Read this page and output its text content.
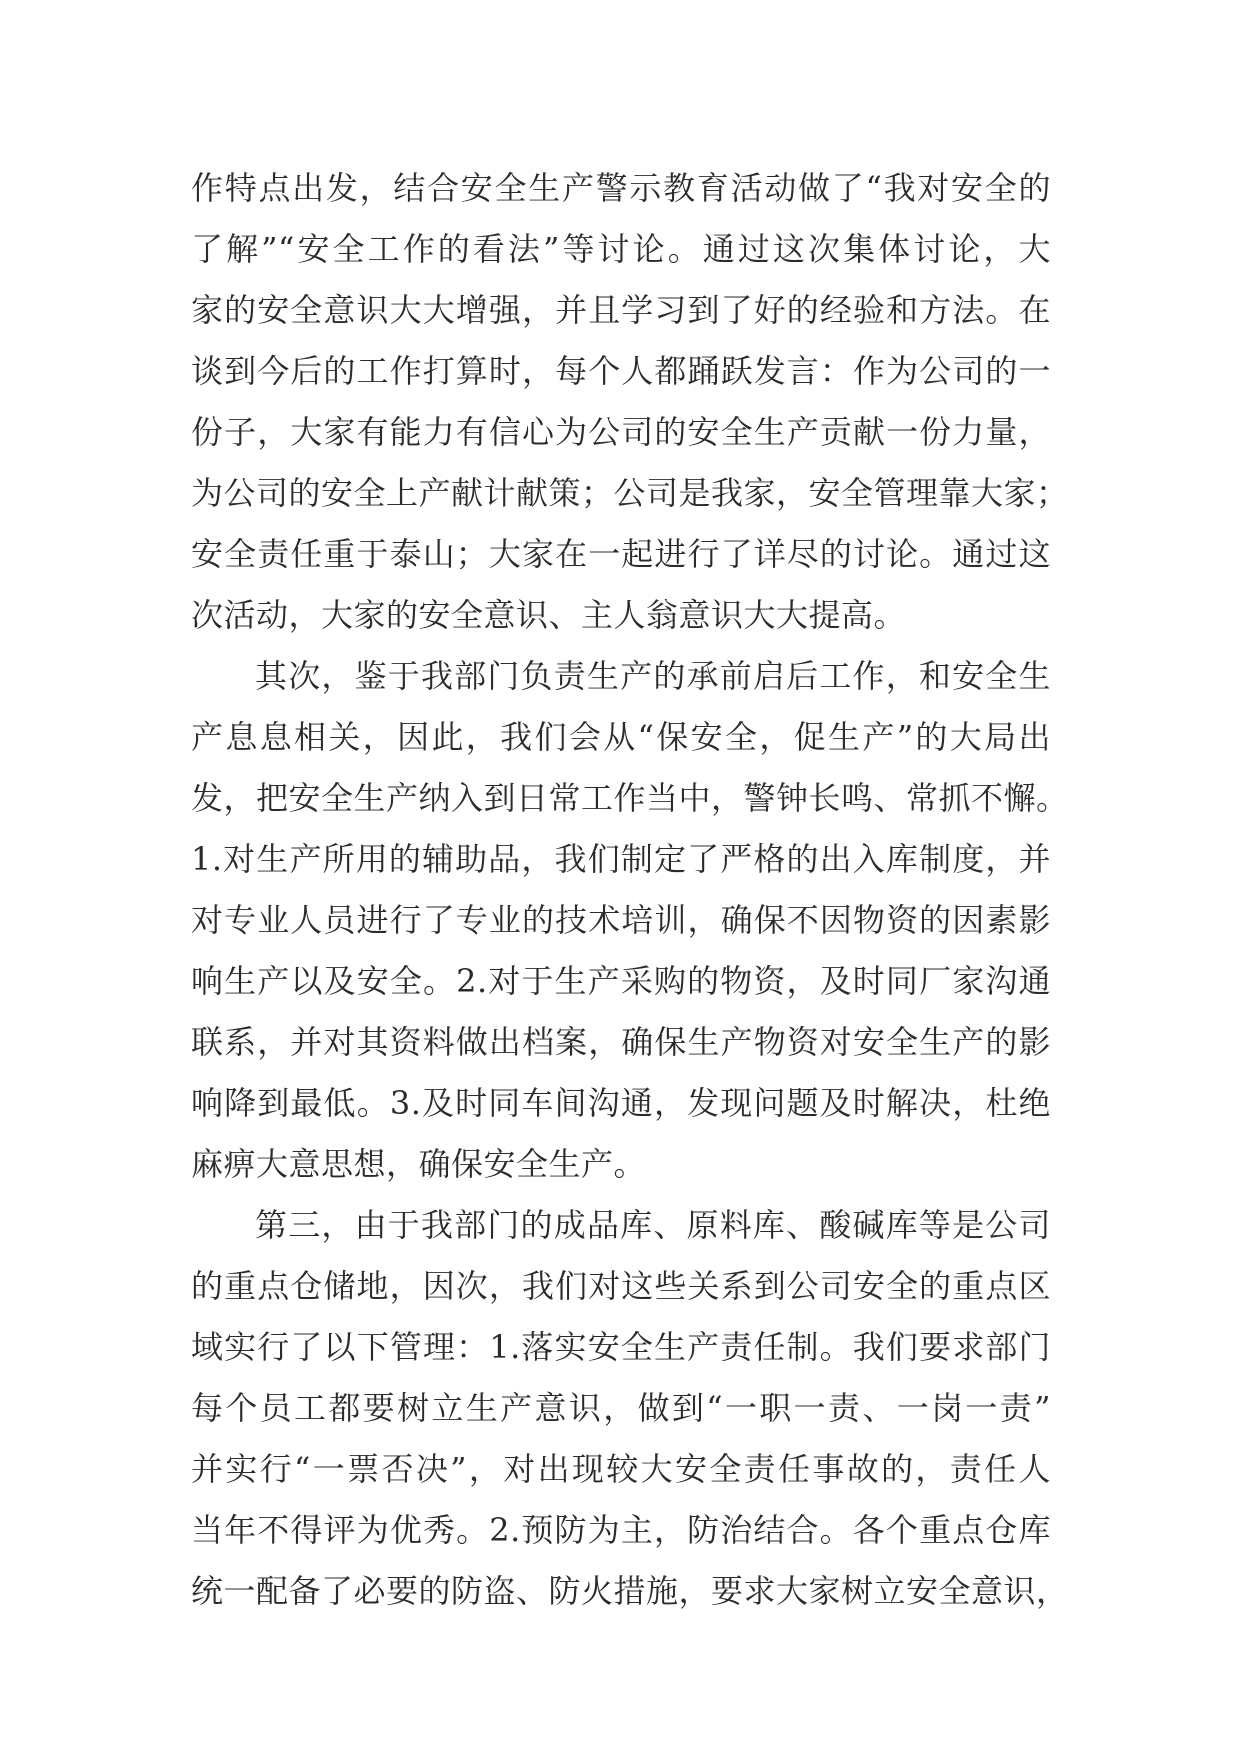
作特点出发，结合安全生产警示教育活动做了“我对安全的
了解”“安全工作的看法”等讨论。通过这次集体讨论，大
家的安全意识大大增强，并且学习到了好的经验和方法。在
谈到今后的工作打算时，每个人都踊跃发言：作为公司的一
份子，大家有能力有信心为公司的安全生产贡献一份力量，
为公司的安全上产献计献策；公司是我家，安全管理靠大家；
安全责任重于泰山；大家在一起进行了详尽的讨论。通过这
次活动，大家的安全意识、主人翁意识大大提高。
其次，鉴于我部门负责生产的承前启后工作，和安全生
产息息相关，因此，我们会从“保安全，促生产”的大局出
发，把安全生产纳入到日常工作当中，警钟长鸣、常抓不懈。
1.对生产所用的辅助品，我们制定了严格的出入库制度，并
对专业人员进行了专业的技术培训，确保不因物资的因素影
响生产以及安全。2.对于生产采购的物资，及时同厂家沟通
联系，并对其资料做出档案，确保生产物资对安全生产的影
响降到最低。3.及时同车间沟通，发现问题及时解决，杜绝
麻痹大意思想，确保安全生产。
第三，由于我部门的成品库、原料库、酸碱库等是公司
的重点仓储地，因次，我们对这些关系到公司安全的重点区
域实行了以下管理：1.落实安全生产责任制。我们要求部门
每个员工都要树立生产意识，做到“一职一责、一岗一责”
并实行“一票否决”，对出现较大安全责任事故的，责任人
当年不得评为优秀。2.预防为主，防治结合。各个重点仓库
统一配备了必要的防盗、防火措施，要求大家树立安全意识，
